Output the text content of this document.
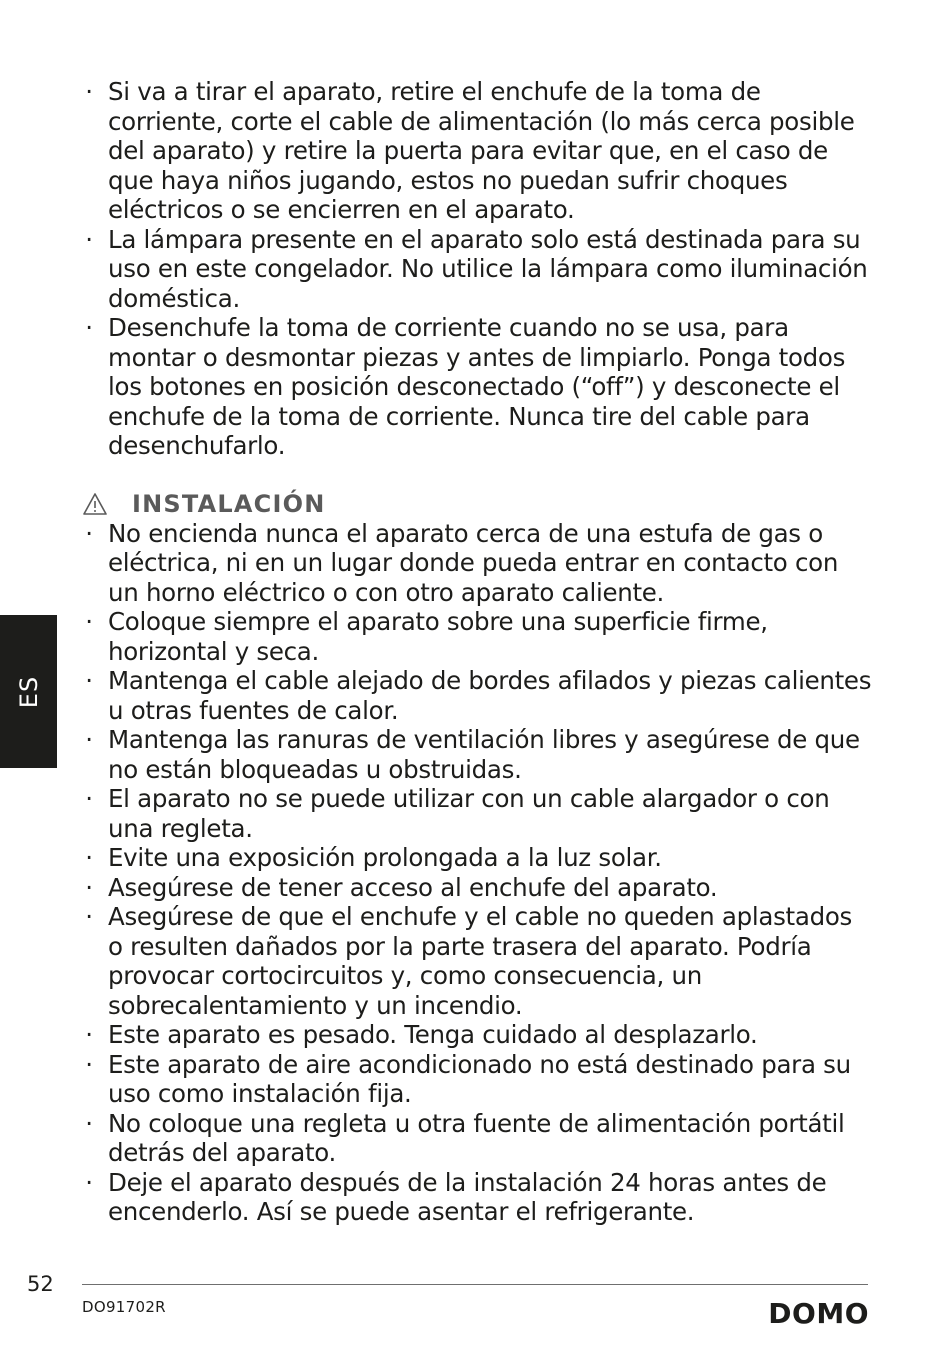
ES
· Si va a tirar el aparato, retire el enchufe de la toma de corriente, corte el cable de alimentación (lo más cerca posible del aparato) y retire la puerta para evitar que, en el caso de que haya niños jugando, estos no puedan sufrir choques eléctricos o se encierren en el aparato.
· La lámpara presente en el aparato solo está destinada para su uso en este congelador. No utilice la lámpara como iluminación doméstica.
· Desenchufe la toma de corriente cuando no se usa, para montar o desmontar piezas y antes de limpiarlo. Ponga todos los botones en posición desconectado (“off”) y desconecte el enchufe de la toma de corriente. Nunca tire del cable para desenchufarlo.
INSTALACIÓN
· No encienda nunca el aparato cerca de una estufa de gas o eléctrica, ni en un lugar donde pueda entrar en contacto con un horno eléctrico o con otro aparato caliente.
· Coloque siempre el aparato sobre una superficie firme, horizontal y seca.
· Mantenga el cable alejado de bordes afilados y piezas calientes u otras fuentes de calor.
· Mantenga las ranuras de ventilación libres y asegúrese de que no están bloqueadas u obstruidas.
· El aparato no se puede utilizar con un cable alargador o con una regleta.
· Evite una exposición prolongada a la luz solar.
· Asegúrese de tener acceso al enchufe del aparato.
· Asegúrese de que el enchufe y el cable no queden aplastados o resulten dañados por la parte trasera del aparato. Podría provocar cortocircuitos y, como consecuencia, un sobrecalentamiento y un incendio.
· Este aparato es pesado. Tenga cuidado al desplazarlo.
· Este aparato de aire acondicionado no está destinado para su uso como instalación fija.
· No coloque una regleta u otra fuente de alimentación portátil detrás del aparato.
· Deje el aparato después de la instalación 24 horas antes de encenderlo. Así se puede asentar el refrigerante.
52
DO91702R	DOMO
